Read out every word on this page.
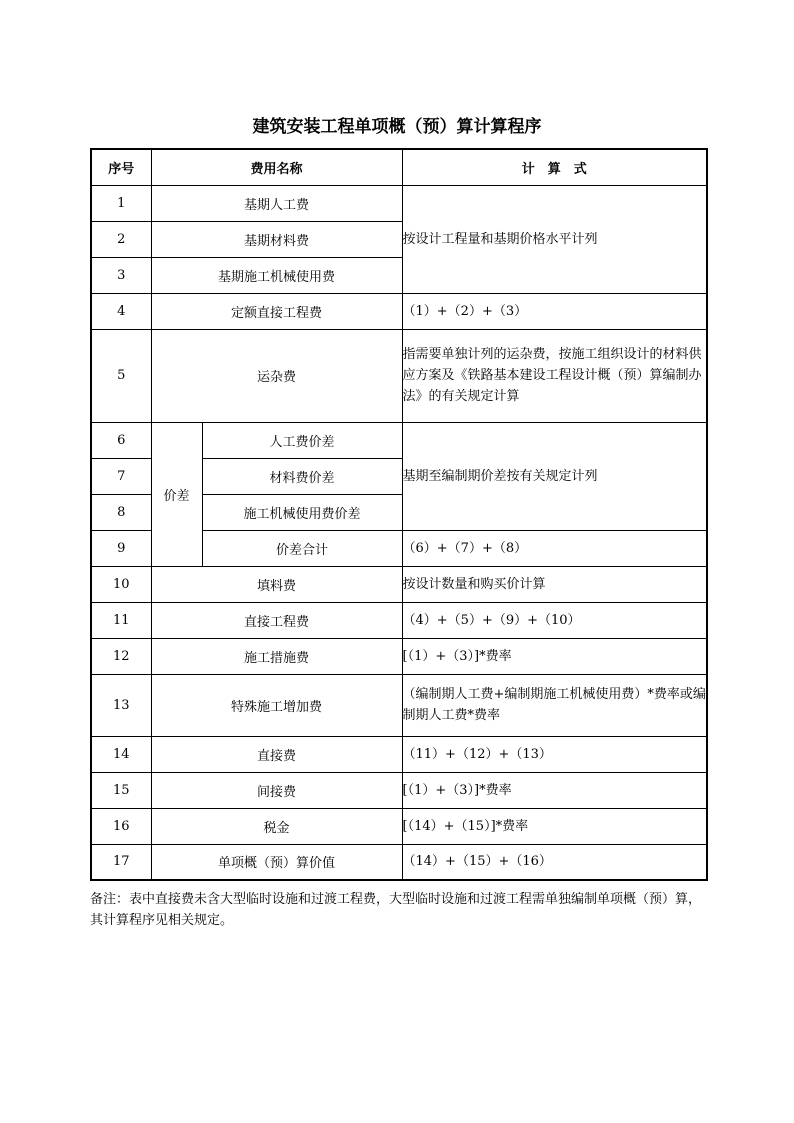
建筑安装工程单项概（预）算计算程序
序号	费用名称		计　算　式
1	基期人工费		按设计工程量和基期价格水平计列
2	基期材料费		
3	基期施工机械使用费		
4	定额直接工程费		（1）+（2）+（3）
5	运杂费		指需要单独计列的运杂费，按施工组织设计的材料供应方案及《铁路基本建设工程设计概（预）算编制办法》的有关规定计算
6	价差	人工费价差	基期至编制期价差按有关规定计列
7		材料费价差	
8		施工机械使用费价差	
9		价差合计	（6）+（7）+（8）
10	填料费		按设计数量和购买价计算
11	直接工程费		（4）+（5）+（9）+（10）
12	施工措施费		[（1）+（3）]*费率
13	特殊施工增加费		（编制期人工费+编制期施工机械使用费）*费率或编制期人工费*费率
14	直接费		（11）+（12）+（13）
15	间接费		[（1）+（3）]*费率
16	税金		[（14）+（15）]*费率
17	单项概（预）算价值		（14）+（15）+（16）
备注：表中直接费未含大型临时设施和过渡工程费，大型临时设施和过渡工程需单独编制单项概（预）算，其计算程序见相关规定。
